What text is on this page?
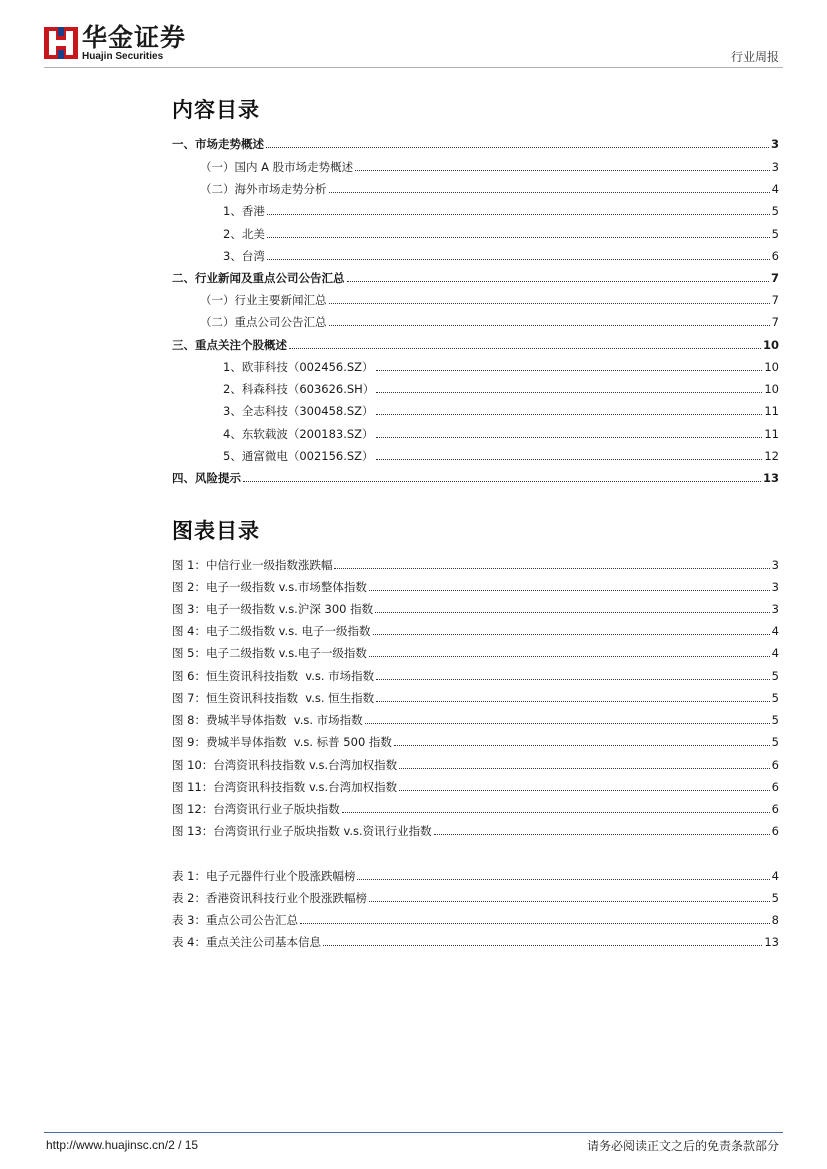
华金证券
Huajin Securities	行业周报
内容目录
一、市场走势概述	3
（一）国内 A 股市场走势概述	3
（二）海外市场走势分析	4
1、香港	5
2、北美	5
3、台湾	6
二、行业新闻及重点公司公告汇总	7
（一）行业主要新闻汇总	7
（二）重点公司公告汇总	7
三、重点关注个股概述	10
1、欧菲科技（002456.SZ）	10
2、科森科技（603626.SH）	10
3、全志科技（300458.SZ）	11
4、东软载波（200183.SZ）	11
5、通富微电（002156.SZ）	12
四、风险提示	13
图表目录
图 1：中信行业一级指数涨跌幅	3
图 2：电子一级指数 v.s.市场整体指数	3
图 3：电子一级指数 v.s.沪深 300 指数	3
图 4：电子二级指数 v.s. 电子一级指数	4
图 5：电子二级指数 v.s.电子一级指数	4
图 6：恒生资讯科技指数  v.s. 市场指数	5
图 7：恒生资讯科技指数  v.s. 恒生指数	5
图 8：费城半导体指数  v.s. 市场指数	5
图 9：费城半导体指数  v.s. 标普 500 指数	5
图 10：台湾资讯科技指数 v.s.台湾加权指数	6
图 11：台湾资讯科技指数 v.s.台湾加权指数	6
图 12：台湾资讯行业子版块指数	6
图 13：台湾资讯行业子版块指数 v.s.资讯行业指数	6
表 1：电子元器件行业个股涨跌幅榜	4
表 2：香港资讯科技行业个股涨跌幅榜	5
表 3：重点公司公告汇总	8
表 4：重点关注公司基本信息	13
http://www.huajinsc.cn/2 / 15	请务必阅读正文之后的免责条款部分
